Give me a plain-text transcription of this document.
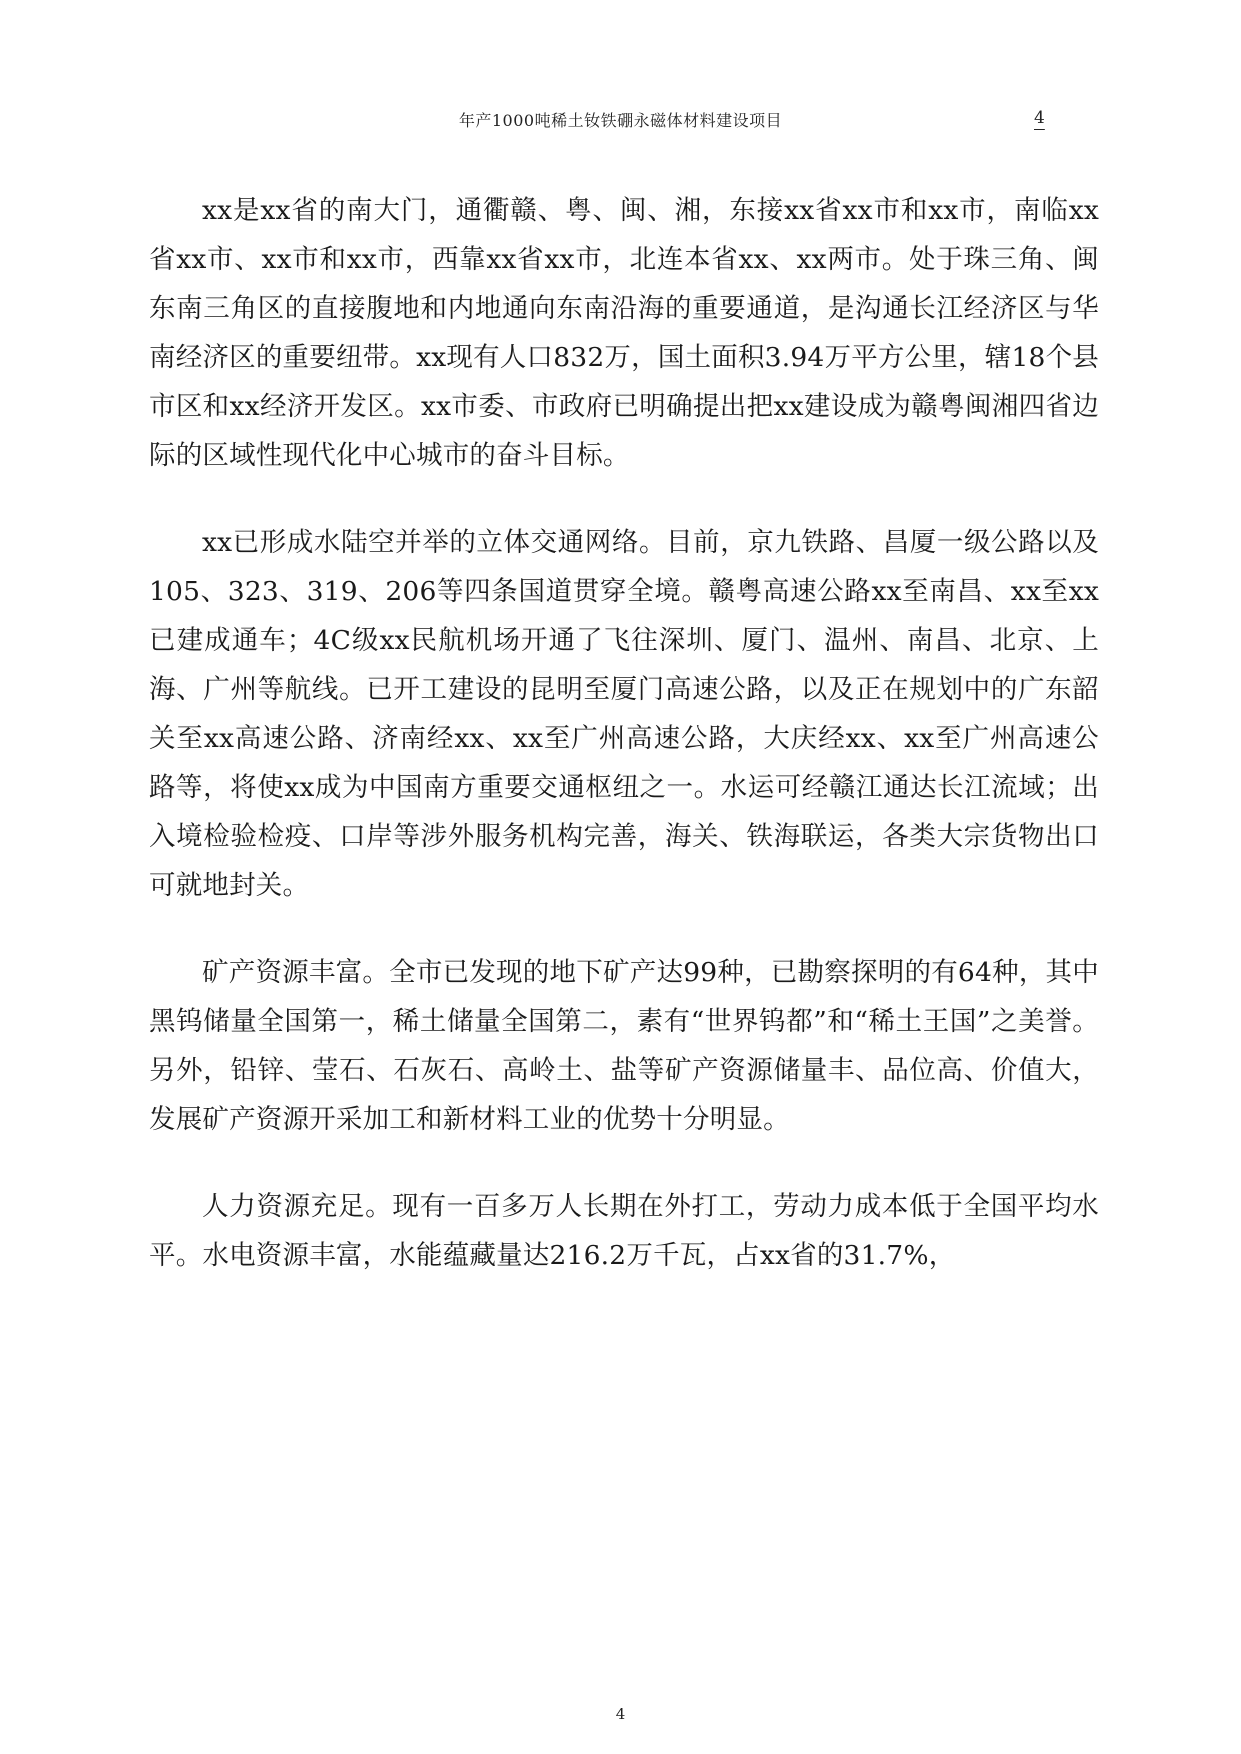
年产1000吨稀土钕铁硼永磁体材料建设项目	4

xx是xx省的南大门，通衢赣、粤、闽、湘，东接xx省xx市和xx市，南临xx省xx市、xx市和xx市，西靠xx省xx市，北连本省xx、xx两市。处于珠三角、闽东南三角区的直接腹地和内地通向东南沿海的重要通道，是沟通长江经济区与华南经济区的重要纽带。xx现有人口832万，国土面积3.94万平方公里，辖18个县市区和xx经济开发区。xx市委、市政府已明确提出把xx建设成为赣粤闽湘四省边际的区域性现代化中心城市的奋斗目标。

xx已形成水陆空并举的立体交通网络。目前，京九铁路、昌厦一级公路以及105、323、319、206等四条国道贯穿全境。赣粤高速公路xx至南昌、xx至xx已建成通车；4C级xx民航机场开通了飞往深圳、厦门、温州、南昌、北京、上海、广州等航线。已开工建设的昆明至厦门高速公路，以及正在规划中的广东韶关至xx高速公路、济南经xx、xx至广州高速公路，大庆经xx、xx至广州高速公路等，将使xx成为中国南方重要交通枢纽之一。水运可经赣江通达长江流域；出入境检验检疫、口岸等涉外服务机构完善，海关、铁海联运，各类大宗货物出口可就地封关。

矿产资源丰富。全市已发现的地下矿产达99种，已勘察探明的有64种，其中黑钨储量全国第一，稀土储量全国第二，素有“世界钨都”和“稀土王国”之美誉。另外，铅锌、莹石、石灰石、高岭土、盐等矿产资源储量丰、品位高、价值大，发展矿产资源开采加工和新材料工业的优势十分明显。

人力资源充足。现有一百多万人长期在外打工，劳动力成本低于全国平均水平。水电资源丰富，水能蕴藏量达216.2万千瓦，占xx省的31.7%，

4
